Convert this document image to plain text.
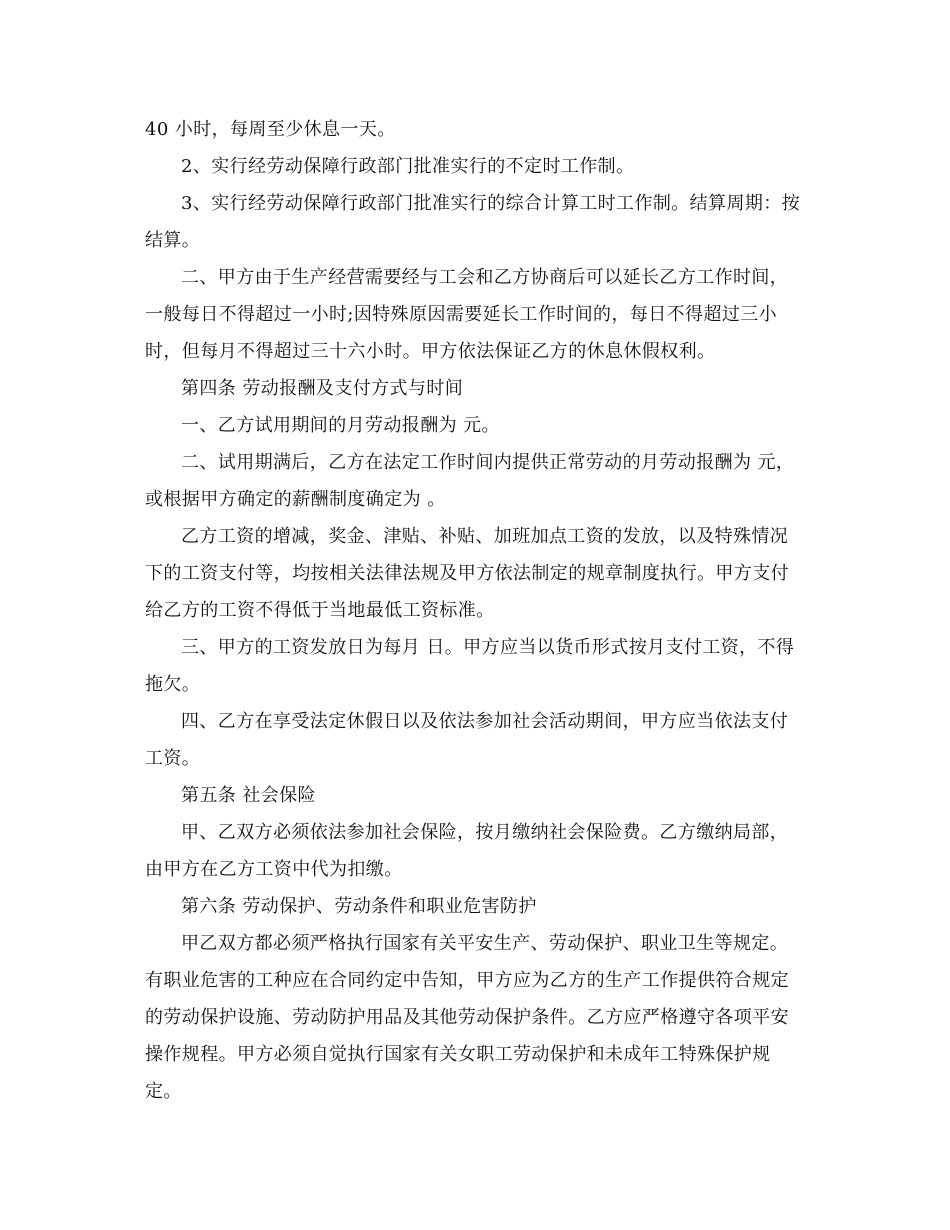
40 小时，每周至少休息一天。
2、实行经劳动保障行政部门批准实行的不定时工作制。
3、实行经劳动保障行政部门批准实行的综合计算工时工作制。结算周期：按
结算。
二、甲方由于生产经营需要经与工会和乙方协商后可以延长乙方工作时间，
一般每日不得超过一小时;因特殊原因需要延长工作时间的，每日不得超过三小
时，但每月不得超过三十六小时。甲方依法保证乙方的休息休假权利。
第四条 劳动报酬及支付方式与时间
一、乙方试用期间的月劳动报酬为 元。
二、试用期满后，乙方在法定工作时间内提供正常劳动的月劳动报酬为 元，
或根据甲方确定的薪酬制度确定为 。
乙方工资的增减，奖金、津贴、补贴、加班加点工资的发放，以及特殊情况
下的工资支付等，均按相关法律法规及甲方依法制定的规章制度执行。甲方支付
给乙方的工资不得低于当地最低工资标准。
三、甲方的工资发放日为每月 日。甲方应当以货币形式按月支付工资，不得
拖欠。
四、乙方在享受法定休假日以及依法参加社会活动期间，甲方应当依法支付
工资。
第五条 社会保险
甲、乙双方必须依法参加社会保险，按月缴纳社会保险费。乙方缴纳局部，
由甲方在乙方工资中代为扣缴。
第六条 劳动保护、劳动条件和职业危害防护
甲乙双方都必须严格执行国家有关平安生产、劳动保护、职业卫生等规定。
有职业危害的工种应在合同约定中告知，甲方应为乙方的生产工作提供符合规定
的劳动保护设施、劳动防护用品及其他劳动保护条件。乙方应严格遵守各项平安
操作规程。甲方必须自觉执行国家有关女职工劳动保护和未成年工特殊保护规
定。
